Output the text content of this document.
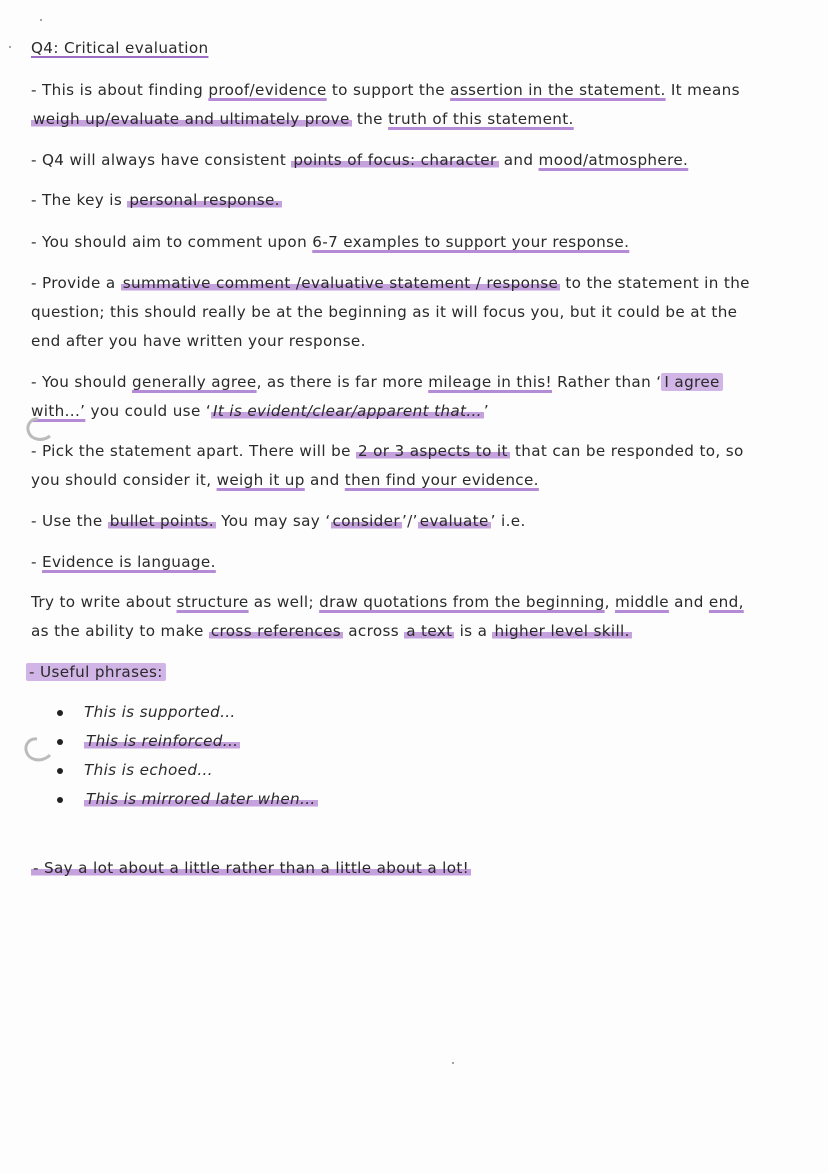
Q4: Critical evaluation
- This is about finding proof/evidence to support the assertion in the statement. It means
weigh up/evaluate and ultimately prove the truth of this statement.
- Q4 will always have consistent points of focus: character and mood/atmosphere.
- The key is personal response.
- You should aim to comment upon 6-7 examples to support your response.
- Provide a summative comment /evaluative statement / response to the statement in the
question; this should really be at the beginning as it will focus you, but it could be at the
end after you have written your response.
- You should generally agree, as there is far more mileage in this! Rather than ‘ I agree
with...’ you could use ‘ It is evident/clear/apparent that... ’
- Pick the statement apart. There will be 2 or 3 aspects to it that can be responded to, so
you should consider it, weigh it up and then find your evidence.
- Use the bullet points. You may say ‘ consider ’/’ evaluate ’ i.e.
- Evidence is language.
Try to write about structure as well; draw quotations from the beginning, middle and end,
as the ability to make cross references across a text is a higher level skill.
- Useful phrases:
This is supported...
This is reinforced...
This is echoed...
This is mirrored later when...
- Say a lot about a little rather than a little about a lot!
